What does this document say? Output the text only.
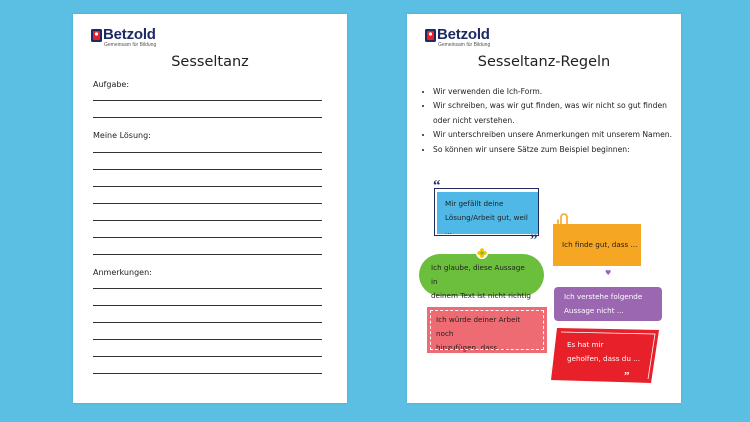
Betzold
Gemeinsam für Bildung
Sesseltanz
Aufgabe:
Meine Lösung:
Anmerkungen:
Betzold
Gemeinsam für Bildung
Sesseltanz-Regeln
• Wir verwenden die Ich-Form.
• Wir schreiben, was wir gut finden, was wir nicht so gut finden oder nicht verstehen.
• Wir unterschreiben unsere Anmerkungen mit unserem Namen.
• So können wir unsere Sätze zum Beispiel beginnen:
Mir gefällt deine
Lösung/Arbeit gut, weil ...
“
”	Ich finde gut, dass ...
Ich glaube, diese Aussage in
deinem Text ist nicht richtig
♥
Ich verstehe folgende
Aussage nicht ...
Ich würde deiner Arbeit noch
hinzufügen, dass ...	Es hat mir
geholfen, dass du ...
”
